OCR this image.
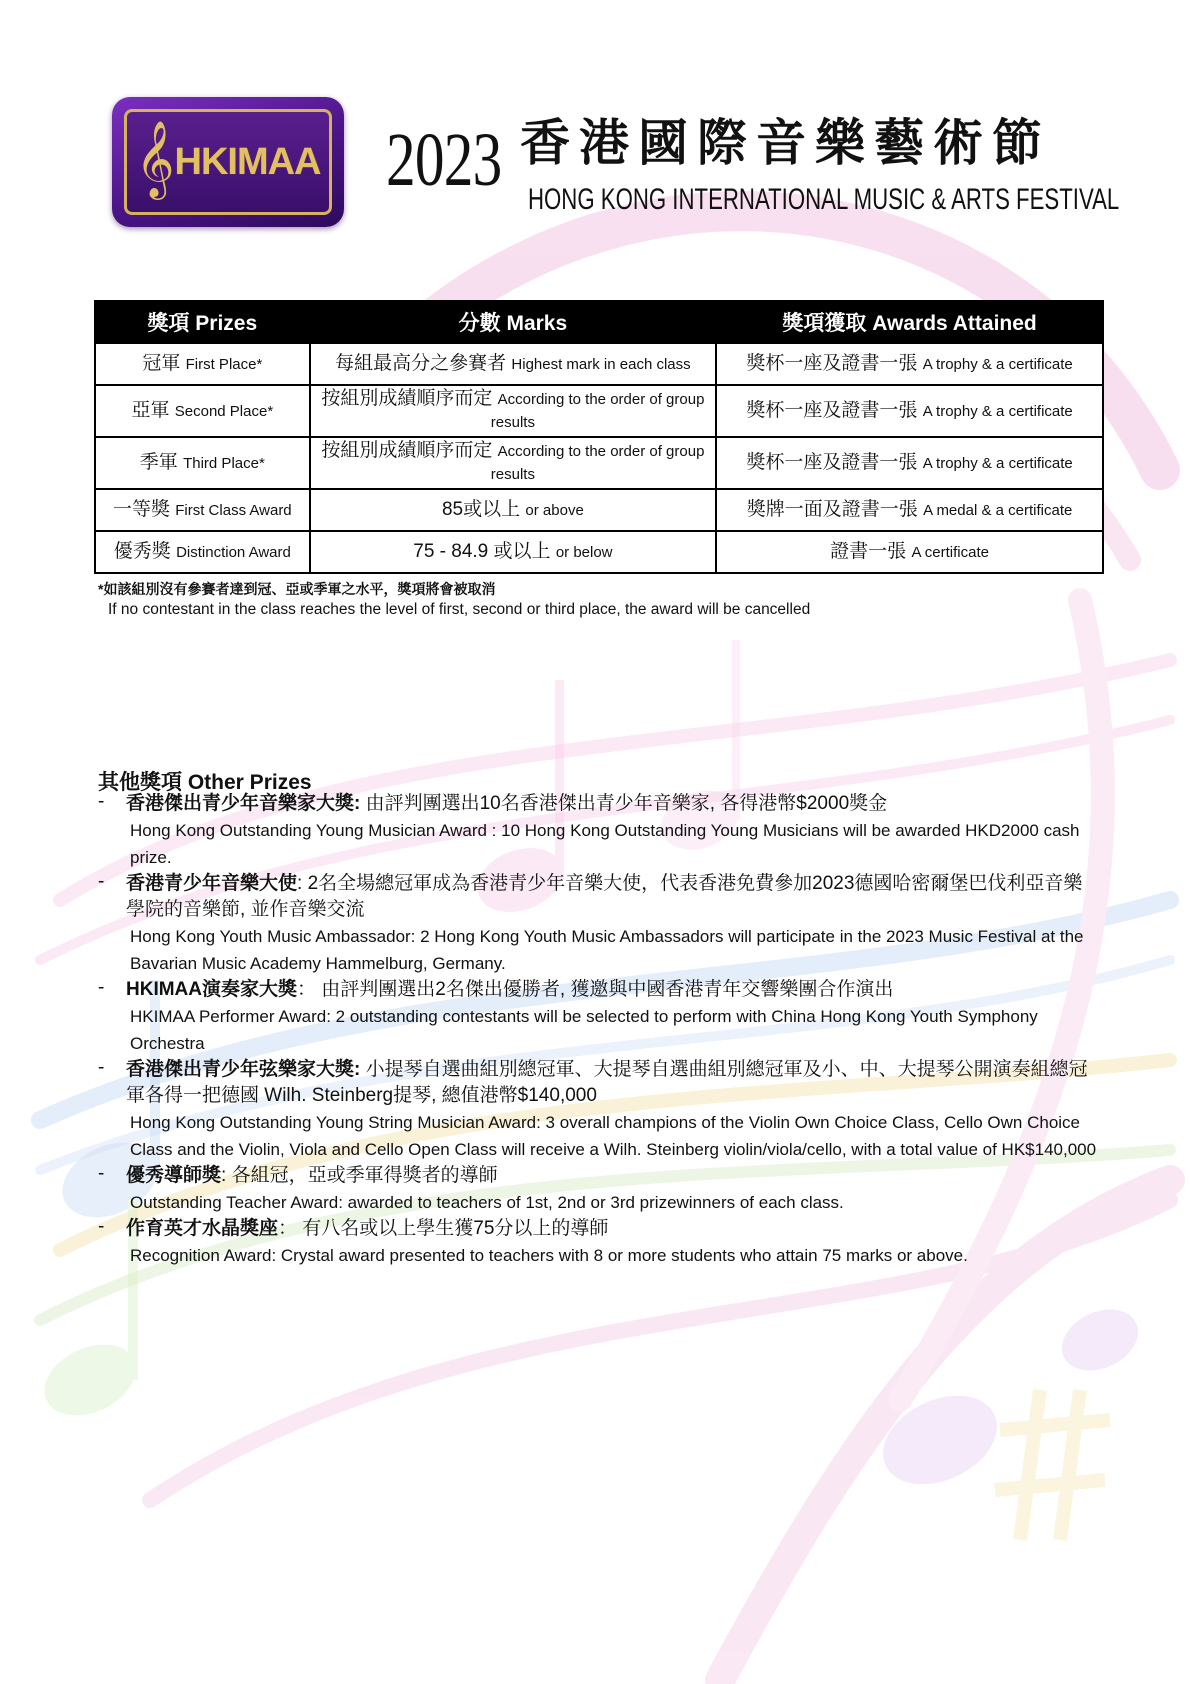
𝄞 HKIMAA 2023 香港國際音樂藝術節
HONG KONG INTERNATIONAL MUSIC & ARTS FESTIVAL
獎項 Prizes	分數 Marks	獎項獲取 Awards Attained
冠軍 First Place*	每組最高分之參賽者 Highest mark in each class	獎杯一座及證書一張 A trophy & a certificate
亞軍 Second Place*	按組別成績順序而定 According to the order of group results	獎杯一座及證書一張 A trophy & a certificate
季軍 Third Place*	按組別成績順序而定 According to the order of group results	獎杯一座及證書一張 A trophy & a certificate
一等獎 First Class Award	85或以上 or above	獎牌一面及證書一張 A medal & a certificate
優秀獎 Distinction Award	75 - 84.9 或以上 or below	證書一張 A certificate
*如該組別沒有參賽者達到冠、亞或季軍之水平，獎項將會被取消
If no contestant in the class reaches the level of first, second or third place, the award will be cancelled
其他獎項 Other Prizes
- 香港傑出青少年音樂家大獎: 由評判團選出10名香港傑出青少年音樂家, 各得港幣$2000獎金
Hong Kong Outstanding Young Musician Award : 10 Hong Kong Outstanding Young Musicians will be awarded HKD2000 cash prize.
- 香港青少年音樂大使: 2名全場總冠軍成為香港青少年音樂大使，代表香港免費參加2023德國哈密爾堡巴伐利亞音樂學院的音樂節, 並作音樂交流
Hong Kong Youth Music Ambassador: 2 Hong Kong Youth Music Ambassadors will participate in the 2023 Music Festival at the Bavarian Music Academy Hammelburg, Germany.
- HKIMAA演奏家大獎： 由評判團選出2名傑出優勝者, 獲邀與中國香港青年交響樂團合作演出
HKIMAA Performer Award: 2 outstanding contestants will be selected to perform with China Hong Kong Youth Symphony Orchestra
- 香港傑出青少年弦樂家大獎: 小提琴自選曲組別總冠軍、大提琴自選曲組別總冠軍及小、中、大提琴公開演奏組總冠軍各得一把德國 Wilh. Steinberg提琴, 總值港幣$140,000
Hong Kong Outstanding Young String Musician Award: 3 overall champions of the Violin Own Choice Class, Cello Own Choice Class and the Violin, Viola and Cello Open Class will receive a Wilh. Steinberg violin/viola/cello, with a total value of HK$140,000
- 優秀導師獎: 各組冠，亞或季軍得獎者的導師
Outstanding Teacher Award: awarded to teachers of 1st, 2nd or 3rd prizewinners of each class.
- 作育英才水晶獎座： 有八名或以上學生獲75分以上的導師
Recognition Award: Crystal award presented to teachers with 8 or more students who attain 75 marks or above.
